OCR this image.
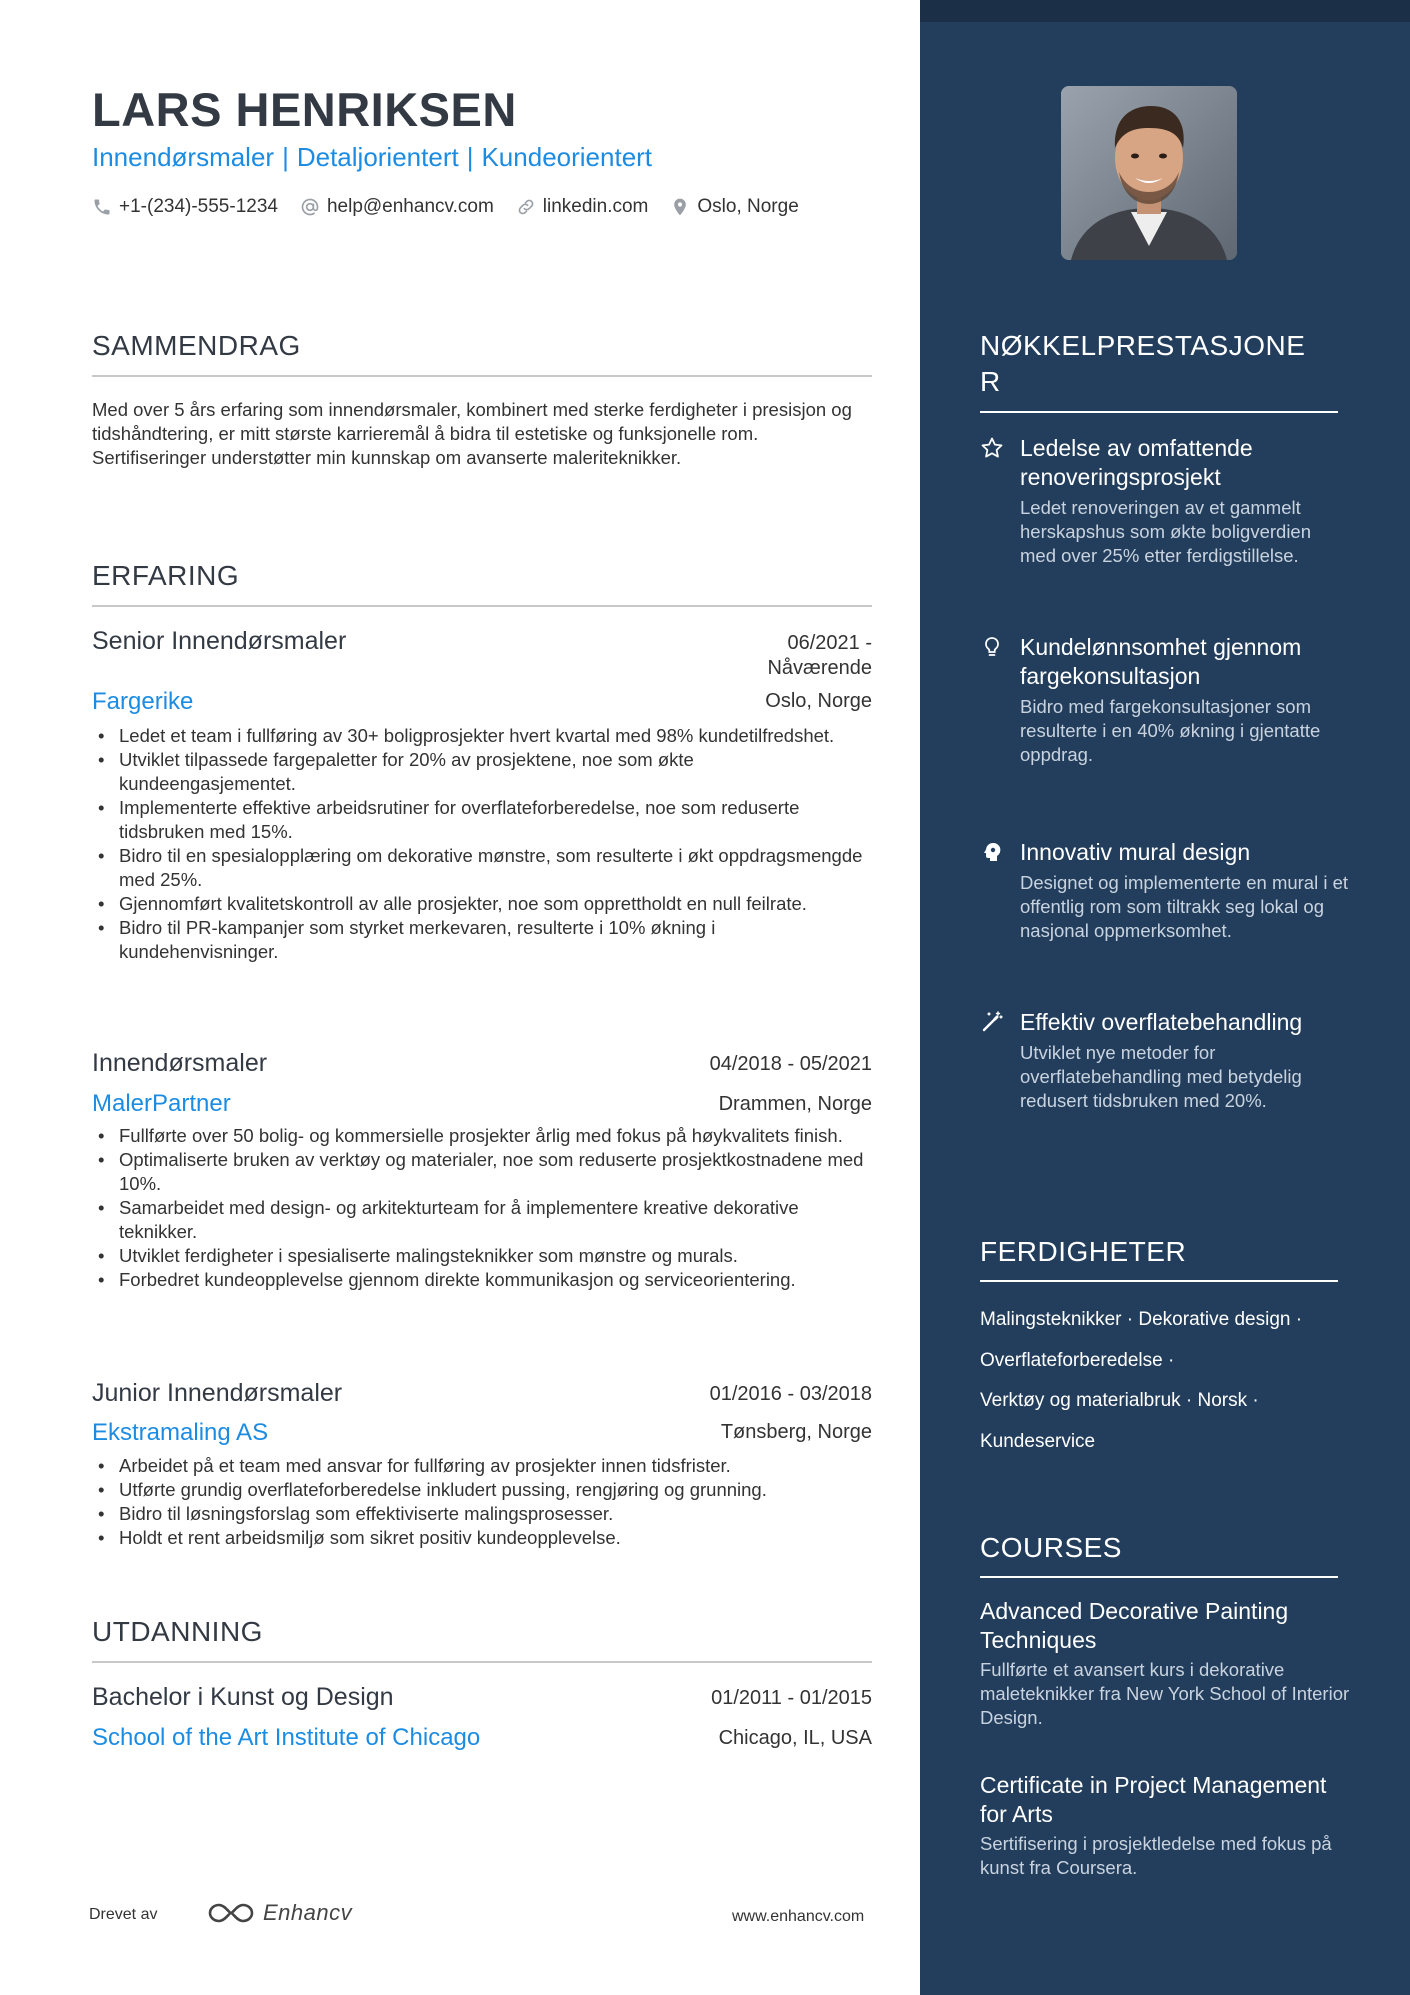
LARS HENRIKSEN
Innendørsmaler | Detaljorientert | Kundeorientert
+1-(234)-555-1234	help@enhancv.com	linkedin.com	Oslo, Norge
SAMMENDRAG
Med over 5 års erfaring som innendørsmaler, kombinert med sterke ferdigheter i presisjon og tidshåndtering, er mitt største karrieremål å bidra til estetiske og funksjonelle rom. Sertifiseringer understøtter min kunnskap om avanserte maleriteknikker.
ERFARING
Senior Innendørsmaler	06/2021 -
Nåværende
Fargerike	Oslo, Norge
• Ledet et team i fullføring av 30+ boligprosjekter hvert kvartal med 98% kundetilfredshet.
• Utviklet tilpassede fargepaletter for 20% av prosjektene, noe som økte kundeengasjementet.
• Implementerte effektive arbeidsrutiner for overflateforberedelse, noe som reduserte tidsbruken med 15%.
• Bidro til en spesialopplæring om dekorative mønstre, som resulterte i økt oppdragsmengde med 25%.
• Gjennomført kvalitetskontroll av alle prosjekter, noe som opprettholdt en null feilrate.
• Bidro til PR-kampanjer som styrket merkevaren, resulterte i 10% økning i kundehenvisninger.
Innendørsmaler	04/2018 - 05/2021
MalerPartner	Drammen, Norge
• Fullførte over 50 bolig- og kommersielle prosjekter årlig med fokus på høykvalitets finish.
• Optimaliserte bruken av verktøy og materialer, noe som reduserte prosjektkostnadene med 10%.
• Samarbeidet med design- og arkitekturteam for å implementere kreative dekorative teknikker.
• Utviklet ferdigheter i spesialiserte malingsteknikker som mønstre og murals.
• Forbedret kundeopplevelse gjennom direkte kommunikasjon og serviceorientering.
Junior Innendørsmaler	01/2016 - 03/2018
Ekstramaling AS	Tønsberg, Norge
• Arbeidet på et team med ansvar for fullføring av prosjekter innen tidsfrister.
• Utførte grundig overflateforberedelse inkludert pussing, rengjøring og grunning.
• Bidro til løsningsforslag som effektiviserte malingsprosesser.
• Holdt et rent arbeidsmiljø som sikret positiv kundeopplevelse.
UTDANNING
Bachelor i Kunst og Design	01/2011 - 01/2015
School of the Art Institute of Chicago	Chicago, IL, USA
Drevet av	Enhancv	www.enhancv.com
NØKKELPRESTASJONE
R
Ledelse av omfattende renoveringsprosjekt
Ledet renoveringen av et gammelt herskapshus som økte boligverdien med over 25% etter ferdigstillelse.
Kundelønnsomhet gjennom fargekonsultasjon
Bidro med fargekonsultasjoner som resulterte i en 40% økning i gjentatte oppdrag.
Innovativ mural design
Designet og implementerte en mural i et offentlig rom som tiltrakk seg lokal og nasjonal oppmerksomhet.
Effektiv overflatebehandling
Utviklet nye metoder for overflatebehandling med betydelig redusert tidsbruken med 20%.
FERDIGHETER
Malingsteknikker · Dekorative design ·
Overflateforberedelse ·
Verktøy og materialbruk · Norsk ·
Kundeservice
COURSES
Advanced Decorative Painting Techniques
Fullførte et avansert kurs i dekorative maleteknikker fra New York School of Interior Design.
Certificate in Project Management for Arts
Sertifisering i prosjektledelse med fokus på kunst fra Coursera.
